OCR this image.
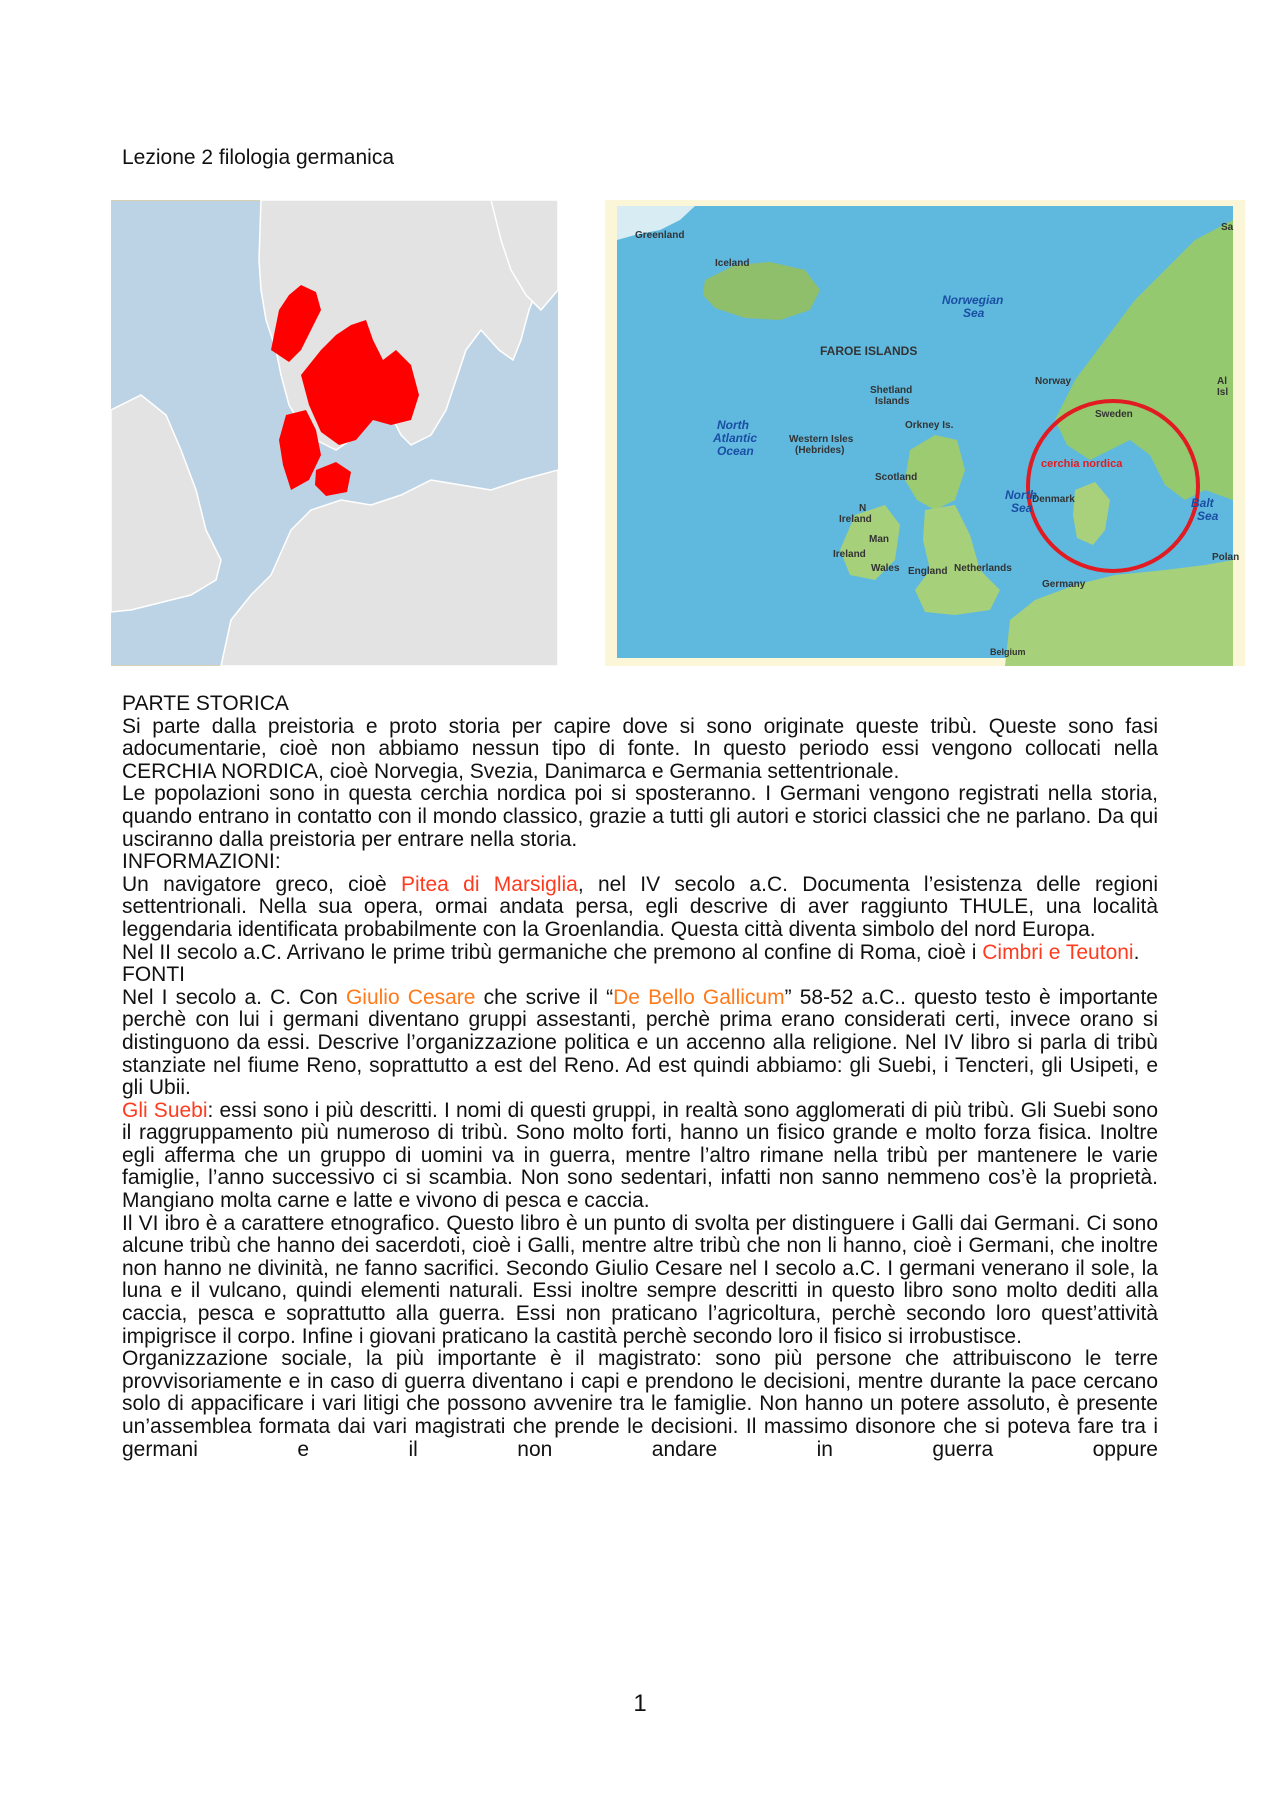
Lezione 2 filologia germanica
Greenland
Iceland
FAROE ISLANDS
Shetland
Islands
Norway
Sweden
Orkney Is.
Western Isles
(Hebrides)
Scotland
Denmark
N
Ireland
Man
Ireland
Wales England Netherlands
Germany
Polan
Al
Isl
Sa
Belgium
Norwegian
Sea
North
Atlantic
Ocean
North
Sea	Balt
Sea
cerchia nordica

PARTE STORICA

Si parte dalla preistoria e proto storia per capire dove si sono originate queste tribù. Queste sono fasi adocumentarie, cioè non abbiamo nessun tipo di fonte. In questo periodo essi vengono collocati nella CERCHIA NORDICA, cioè Norvegia, Svezia, Danimarca e Germania settentrionale.

Le popolazioni sono in questa cerchia nordica poi si sposteranno. I Germani vengono registrati nella storia, quando entrano in contatto con il mondo classico, grazie a tutti gli autori e storici classici che ne parlano. Da qui usciranno dalla preistoria per entrare nella storia.

INFORMAZIONI:

Un navigatore greco, cioè Pitea di Marsiglia, nel IV secolo a.C. Documenta l’esistenza delle regioni settentrionali. Nella sua opera, ormai andata persa, egli descrive di aver raggiunto THULE, una località leggendaria identificata probabilmente con la Groenlandia. Questa città diventa simbolo del nord Europa.

Nel II secolo a.C. Arrivano le prime tribù germaniche che premono al confine di Roma, cioè i Cimbri e Teutoni.

FONTI

Nel I secolo a. C. Con Giulio Cesare che scrive il “De Bello Gallicum” 58-52 a.C.. questo testo è importante perchè con lui i germani diventano gruppi assestanti, perchè prima erano considerati certi, invece orano si distinguono da essi. Descrive l’organizzazione politica e un accenno alla religione. Nel IV libro si parla di tribù stanziate nel fiume Reno, soprattutto a est del Reno. Ad est quindi abbiamo: gli Suebi, i Tencteri, gli Usipeti, e gli Ubii.

Gli Suebi: essi sono i più descritti. I nomi di questi gruppi, in realtà sono agglomerati di più tribù. Gli Suebi sono il raggruppamento più numeroso di tribù. Sono molto forti, hanno un fisico grande e molto forza fisica. Inoltre egli afferma che un gruppo di uomini va in guerra, mentre l’altro rimane nella tribù per mantenere le varie famiglie, l’anno successivo ci si scambia. Non sono sedentari, infatti non sanno nemmeno cos’è la proprietà. Mangiano molta carne e latte e vivono di pesca e caccia.

Il VI ibro è a carattere etnografico. Questo libro è un punto di svolta per distinguere i Galli dai Germani. Ci sono alcune tribù che hanno dei sacerdoti, cioè i Galli, mentre altre tribù che non li hanno, cioè i Germani, che inoltre non hanno ne divinità, ne fanno sacrifici. Secondo Giulio Cesare nel I secolo a.C. I germani venerano il sole, la luna e il vulcano, quindi elementi naturali. Essi inoltre sempre descritti in questo libro sono molto dediti alla caccia, pesca e soprattutto alla guerra. Essi non praticano l’agricoltura, perchè secondo loro quest’attività impigrisce il corpo. Infine i giovani praticano la castità perchè secondo loro il fisico si irrobustisce.

Organizzazione sociale, la più importante è il magistrato: sono più persone che attribuiscono le terre provvisoriamente e in caso di guerra diventano i capi e prendono le decisioni, mentre durante la pace cercano solo di appacificare i vari litigi che possono avvenire tra le famiglie. Non hanno un potere assoluto, è presente un’assemblea formata dai vari magistrati che prende le decisioni. Il massimo disonore che si poteva fare tra i germani e il non andare in guerra oppure

1
